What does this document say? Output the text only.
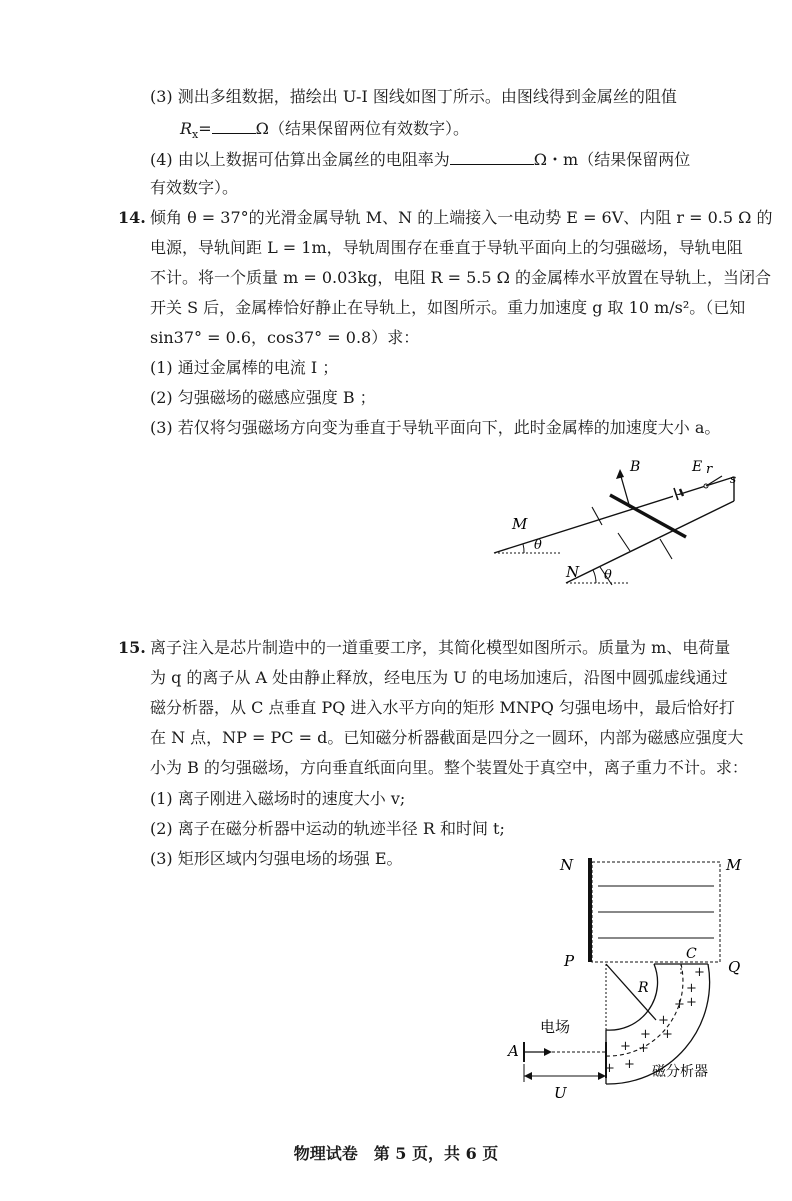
(3) 测出多组数据，描绘出 U-I 图线如图丁所示。由图线得到金属丝的阻值
$R_x=$	Ω（结果保留两位有效数字）。
(4) 由以上数据可估算出金属丝的电阻率为	Ω・m（结果保留两位
有效数字）。
14. 倾角 θ = 37°的光滑金属导轨 M、N 的上端接入一电动势 E = 6V、内阻 r = 0.5 Ω 的
电源，导轨间距 L = 1m，导轨周围存在垂直于导轨平面向上的匀强磁场，导轨电阻
不计。将一个质量 m = 0.03kg，电阻 R = 5.5 Ω 的金属棒水平放置在导轨上，当闭合
开关 S 后，金属棒恰好静止在导轨上，如图所示。重力加速度 g 取 10 m/s²。（已知
sin37° = 0.6，cos37° = 0.8）求：
(1) 通过金属棒的电流 I ；
(2) 匀强磁场的磁感应强度 B ；
(3) 若仅将匀强磁场方向变为垂直于导轨平面向下，此时金属棒的加速度大小 a。
E r
s
B
θ
θ
M
N
15. 离子注入是芯片制造中的一道重要工序，其简化模型如图所示。质量为 m、电荷量
为 q 的离子从 A 处由静止释放，经电压为 U 的电场加速后，沿图中圆弧虚线通过
磁分析器，从 C 点垂直 PQ 进入水平方向的矩形 MNPQ 匀强电场中，最后恰好打
在 N 点，NP = PC = d。已知磁分析器截面是四分之一圆环，内部为磁感应强度大
小为 B 的匀强磁场，方向垂直纸面向里。整个装置处于真空中，离子重力不计。求：
(1) 离子刚进入磁场时的速度大小 v;
(2) 离子在磁分析器中运动的轨迹半径 R 和时间 t;
(3) 矩形区域内匀强电场的场强 E。	N	M
P	Q
C
R
+
+
+
+
+
+
+
+
+
+
+
A
电场
磁分析器
U
物理试卷　第 5 页，共 6 页
